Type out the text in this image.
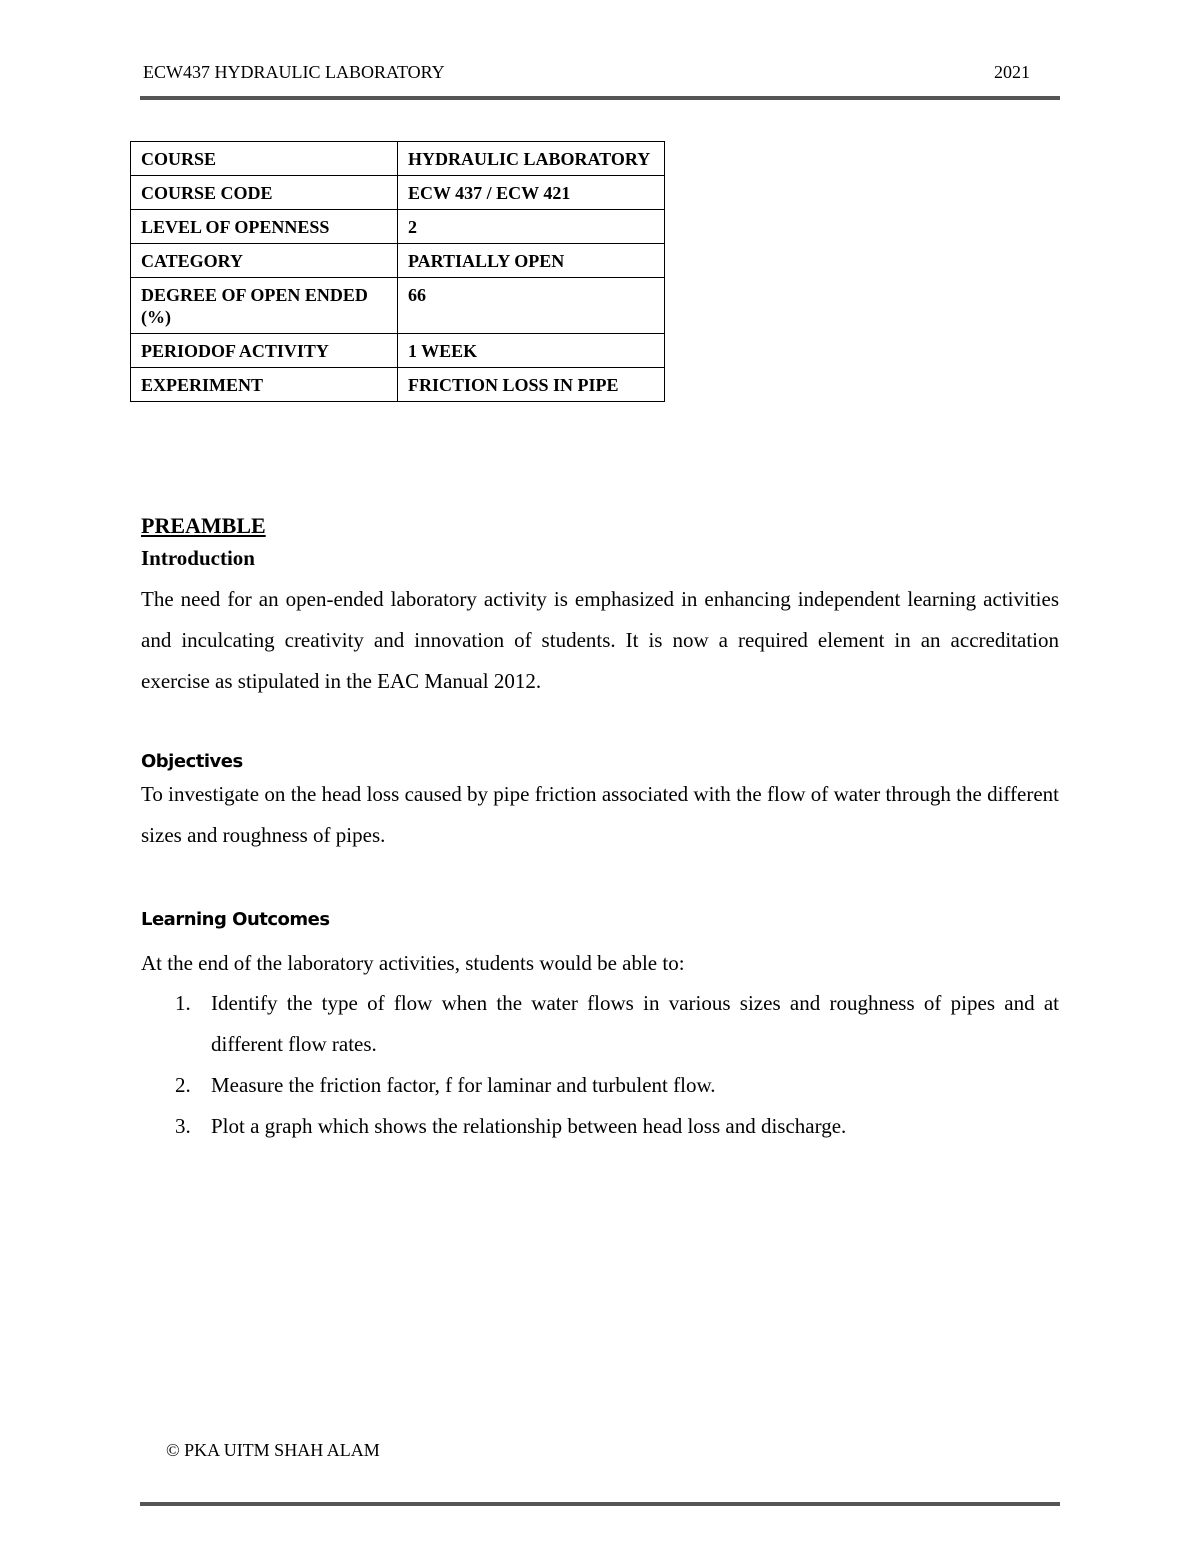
ECW437 HYDRAULIC LABORATORY	2021
COURSE	HYDRAULIC LABORATORY
COURSE CODE	ECW 437 / ECW 421
LEVEL OF OPENNESS	2
CATEGORY	PARTIALLY OPEN
DEGREE OF OPEN ENDED (%)	66
PERIODOF ACTIVITY	1 WEEK
EXPERIMENT	FRICTION LOSS IN PIPE
PREAMBLE
Introduction
The need for an open-ended laboratory activity is emphasized in enhancing independent learning activities and inculcating creativity and innovation of students. It is now a required element in an accreditation exercise as stipulated in the EAC Manual 2012.
Objectives
To investigate on the head loss caused by pipe friction associated with the flow of water through the different sizes and roughness of pipes.
Learning Outcomes
At the end of the laboratory activities, students would be able to:
1. Identify the type of flow when the water flows in various sizes and roughness of pipes and at different flow rates.
2. Measure the friction factor, f for laminar and turbulent flow.
3. Plot a graph which shows the relationship between head loss and discharge.
© PKA UITM SHAH ALAM
